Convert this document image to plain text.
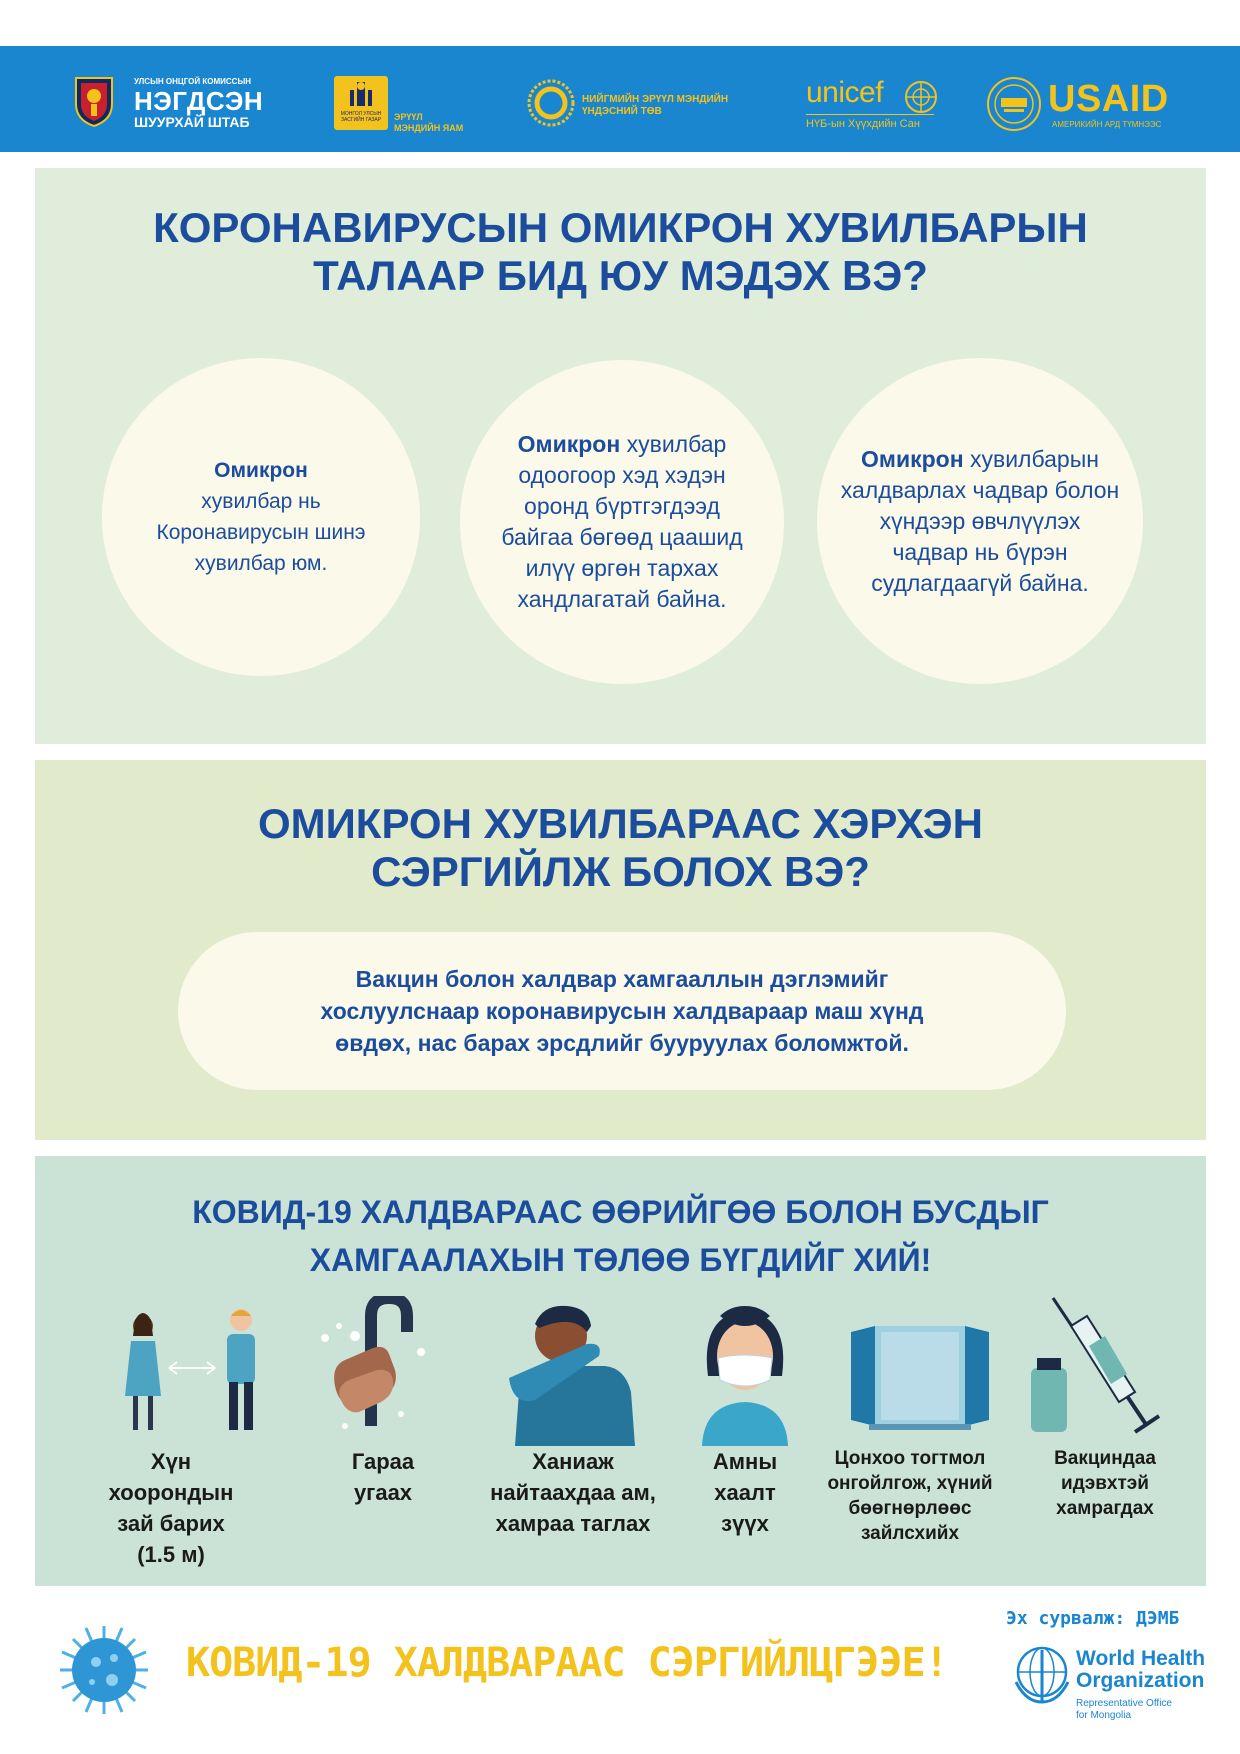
УЛСЫН ОНЦГОЙ КОМИССЫН
НЭГДСЭН
ШУУРХАЙ ШТАБ	МОНГОЛ УЛСЫН ЗАСГИЙН ГАЗАР ЭРҮҮЛ
МЭНДИЙН ЯАМ
НИЙГМИЙН ЭРҮҮЛ МЭНДИЙН
ҮНДЭСНИЙ ТӨВ
unicef
НҮБ-ын Хүүхдийн Сан
USAID
АМЕРИКИЙН АРД ТҮМНЭЭС
КОРОНАВИРУСЫН ОМИКРОН ХУВИЛБАРЫН
ТАЛААР БИД ЮУ МЭДЭХ ВЭ?
Омикрон
хувилбар нь Коронавирусын шинэ хувилбар юм.
Омикрон хувилбар одоогоор хэд хэдэн оронд бүртгэгдээд байгаа бөгөөд цаашид илүү өргөн тархах хандлагатай байна.
Омикрон хувилбарын халдварлах чадвар болон хүндээр өвчлүүлэх чадвар нь бүрэн судлагдаагүй байна.
ОМИКРОН ХУВИЛБАРААС ХЭРХЭН
СЭРГИЙЛЖ БОЛОХ ВЭ?
Вакцин болон халдвар хамгааллын дэглэмийг хослуулснаар коронавирусын халдвараар маш хүнд өвдөх, нас барах эрсдлийг бууруулах боломжтой.
КОВИД-19 ХАЛДВАРААС ӨӨРИЙГӨӨ БОЛОН БУСДЫГ
ХАМГААЛАХЫН ТӨЛӨӨ БҮГДИЙГ ХИЙ!
Хүн хоорондын зай барих (1.5 м)
Гараа угаах
Ханиаж найтаахдаа ам, хамраа таглах
Амны хаалт зүүх
Цонхоо тогтмол онгойлгож, хүний бөөгнөрлөөс зайлсхийх
Вакциндаа идэвхтэй хамрагдах
КОВИД-19 ХАЛДВАРААС СЭРГИЙЛЦГЭЭЕ!
Эх сурвалж: ДЭМБ
World Health
Organization
Representative Office
for Mongolia
